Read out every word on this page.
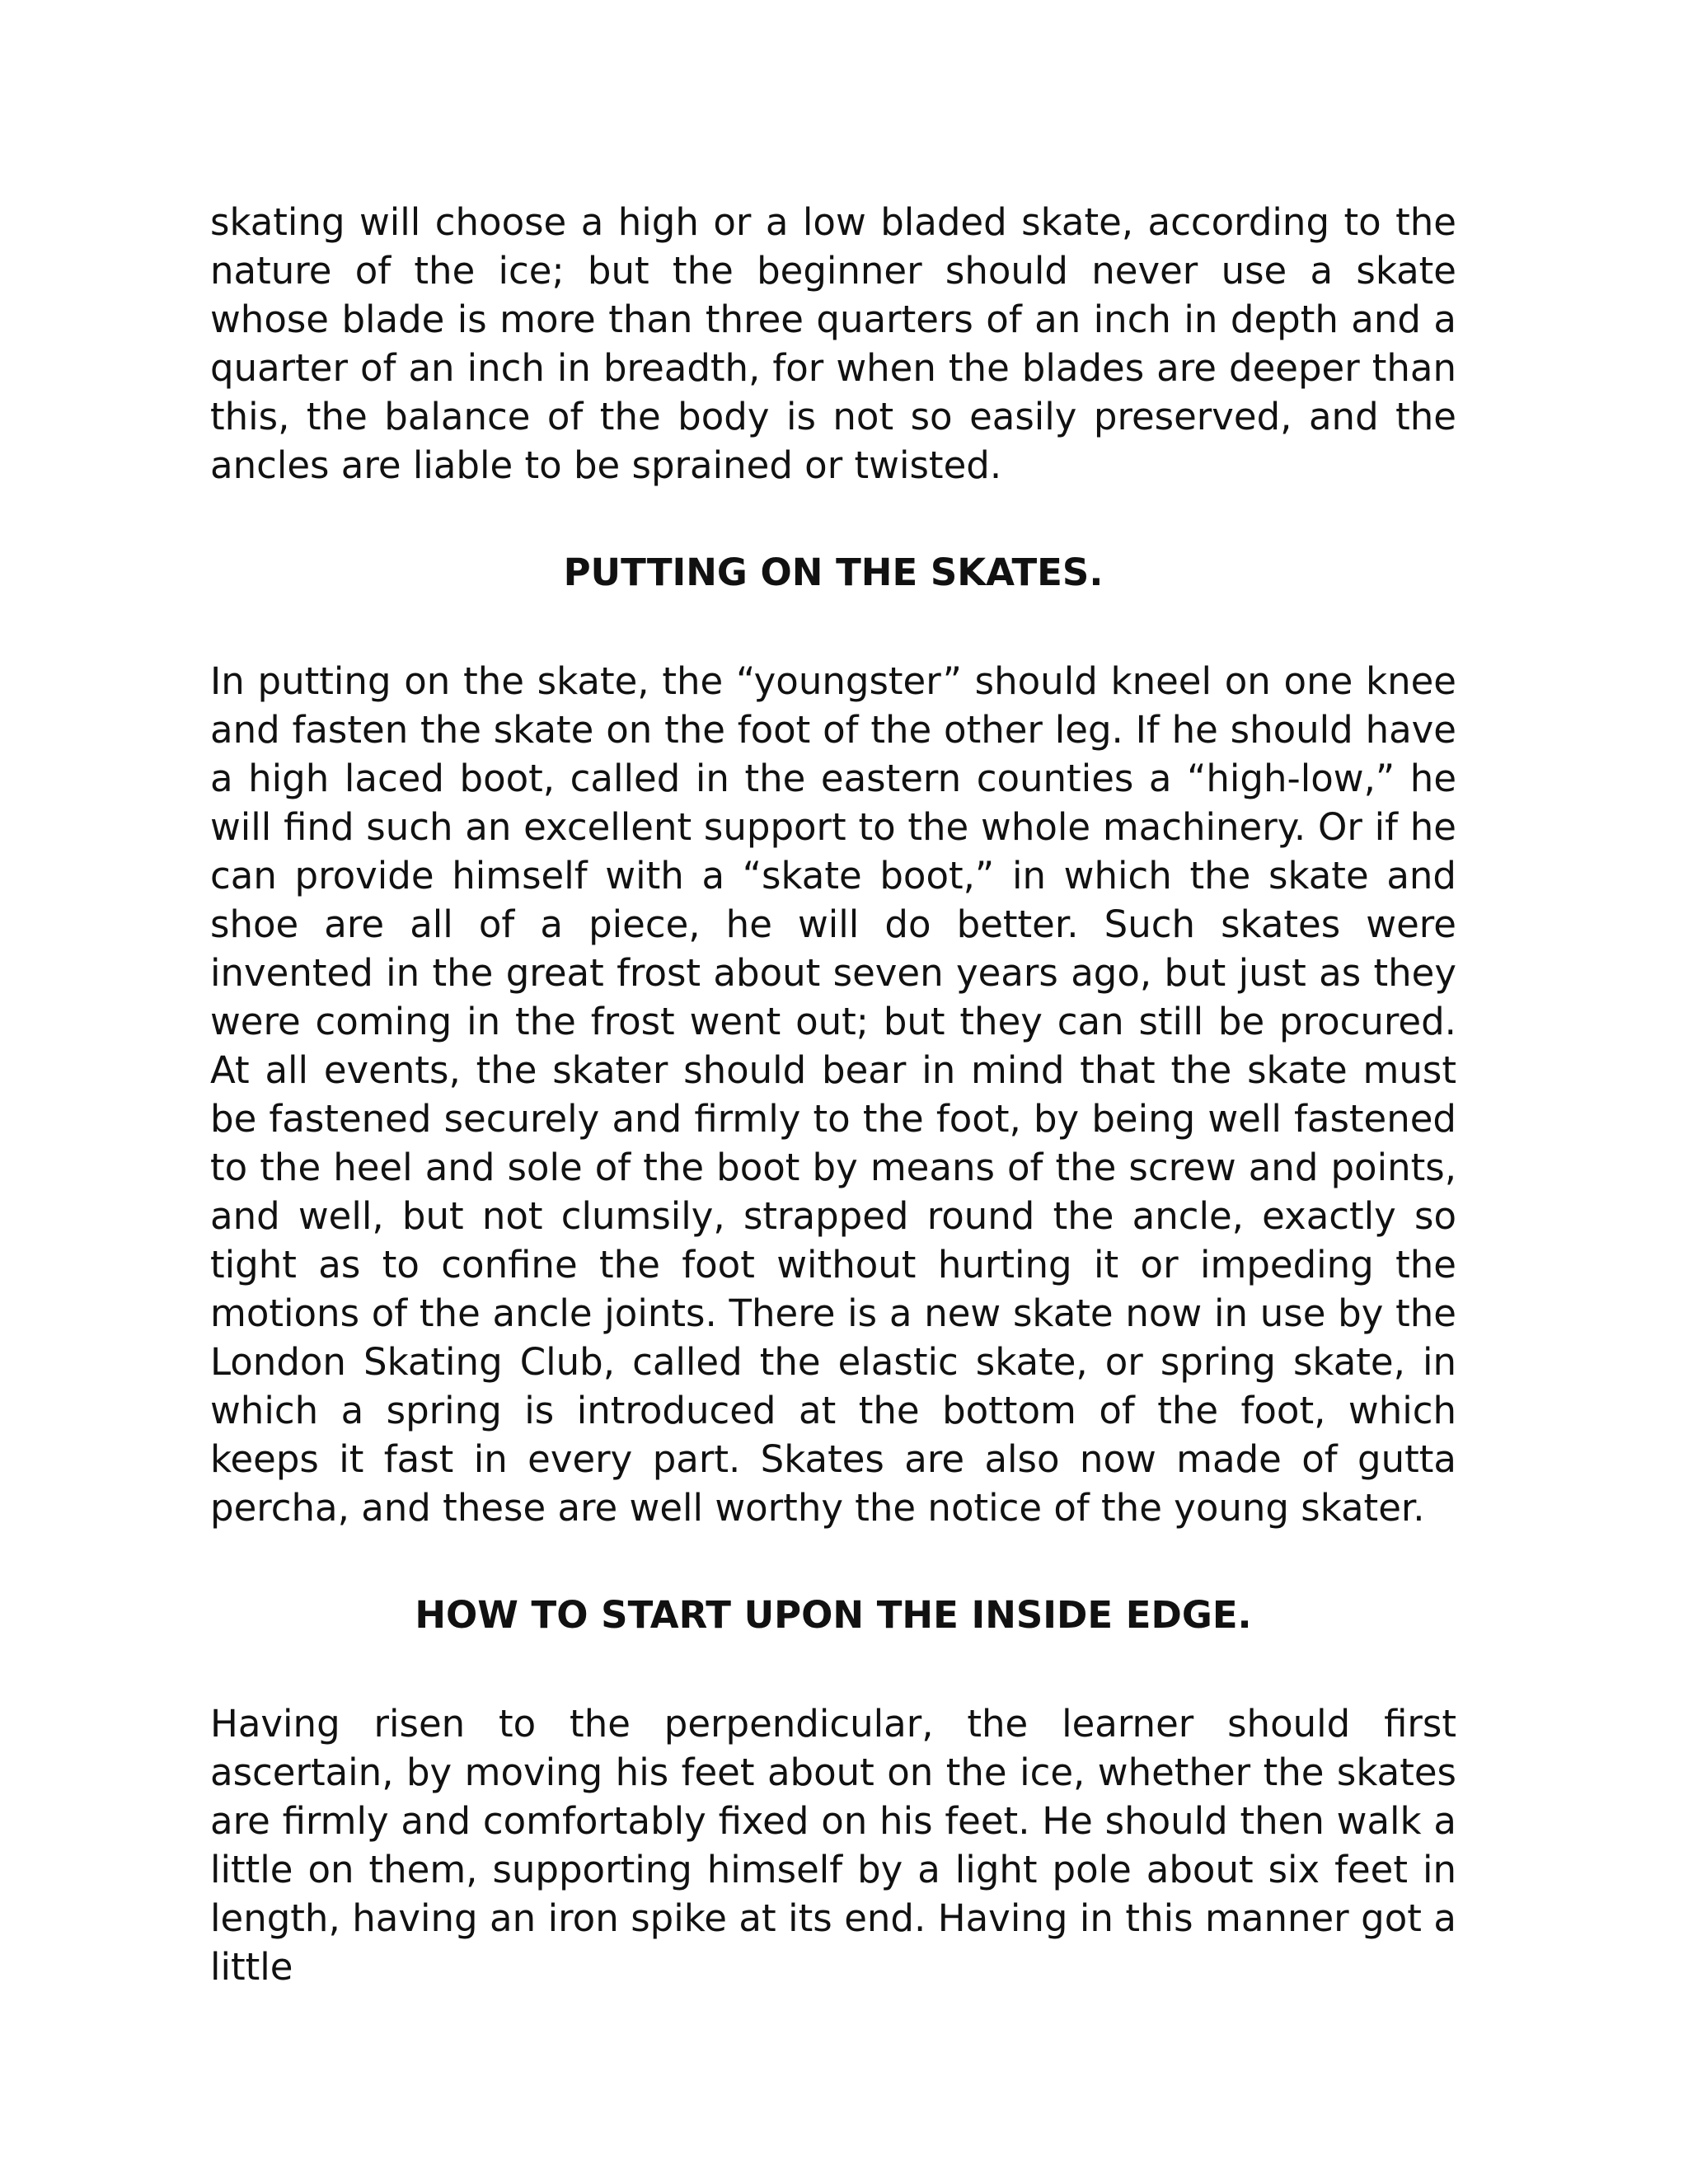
skating will choose a high or a low bladed skate, according to the nature of the ice; but the beginner should never use a skate whose blade is more than three quarters of an inch in depth and a quarter of an inch in breadth, for when the blades are deeper than this, the balance of the body is not so easily preserved, and the ancles are liable to be sprained or twisted.

PUTTING ON THE SKATES.

In putting on the skate, the “youngster” should kneel on one knee and fasten the skate on the foot of the other leg. If he should have a high laced boot, called in the eastern counties a “high-low,” he will find such an excellent support to the whole machinery. Or if he can provide himself with a “skate boot,” in which the skate and shoe are all of a piece, he will do better. Such skates were invented in the great frost about seven years ago, but just as they were coming in the frost went out; but they can still be procured. At all events, the skater should bear in mind that the skate must be fastened securely and firmly to the foot, by being well fastened to the heel and sole of the boot by means of the screw and points, and well, but not clumsily, strapped round the ancle, exactly so tight as to confine the foot without hurting it or impeding the motions of the ancle joints. There is a new skate now in use by the London Skating Club, called the elastic skate, or spring skate, in which a spring is introduced at the bottom of the foot, which keeps it fast in every part. Skates are also now made of gutta percha, and these are well worthy the notice of the young skater.

HOW TO START UPON THE INSIDE EDGE.

Having risen to the perpendicular, the learner should first ascertain, by moving his feet about on the ice, whether the skates are firmly and comfortably fixed on his feet. He should then walk a little on them, supporting himself by a light pole about six feet in length, having an iron spike at its end. Having in this manner got a little
